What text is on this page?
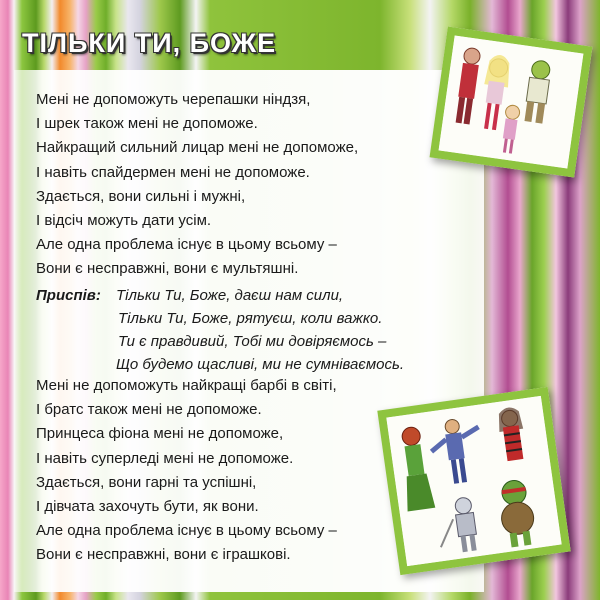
ТІЛЬКИ ТИ, БОЖЕ
Мені не допоможуть черепашки ніндзя,
І шрек також мені не допоможе.
Найкращий сильний лицар мені не допоможе,
І навіть спайдермен мені не допоможе.
Здається, вони сильні і мужні,
І відсіч можуть дати усім.
Але одна проблема існує в цьому всьому –
Вони є несправжні, вони є мультяшні.
Приспів: Тільки Ти, Боже, даєш нам сили,
Тільки Ти, Боже, рятуєш, коли важко.
Ти є правдивий, Тобі ми довіряємось –
Що будемо щасливі, ми не сумніваємось.
Мені не допоможуть найкращі барбі в світі,
І братс також мені не допоможе.
Принцеса фіона мені не допоможе,
І навіть суперледі мені не допоможе.
Здається, вони гарні та успішні,
І дівчата захочуть бути, як вони.
Але одна проблема існує в цьому всьому –
Вони є несправжні, вони є іграшкові.
